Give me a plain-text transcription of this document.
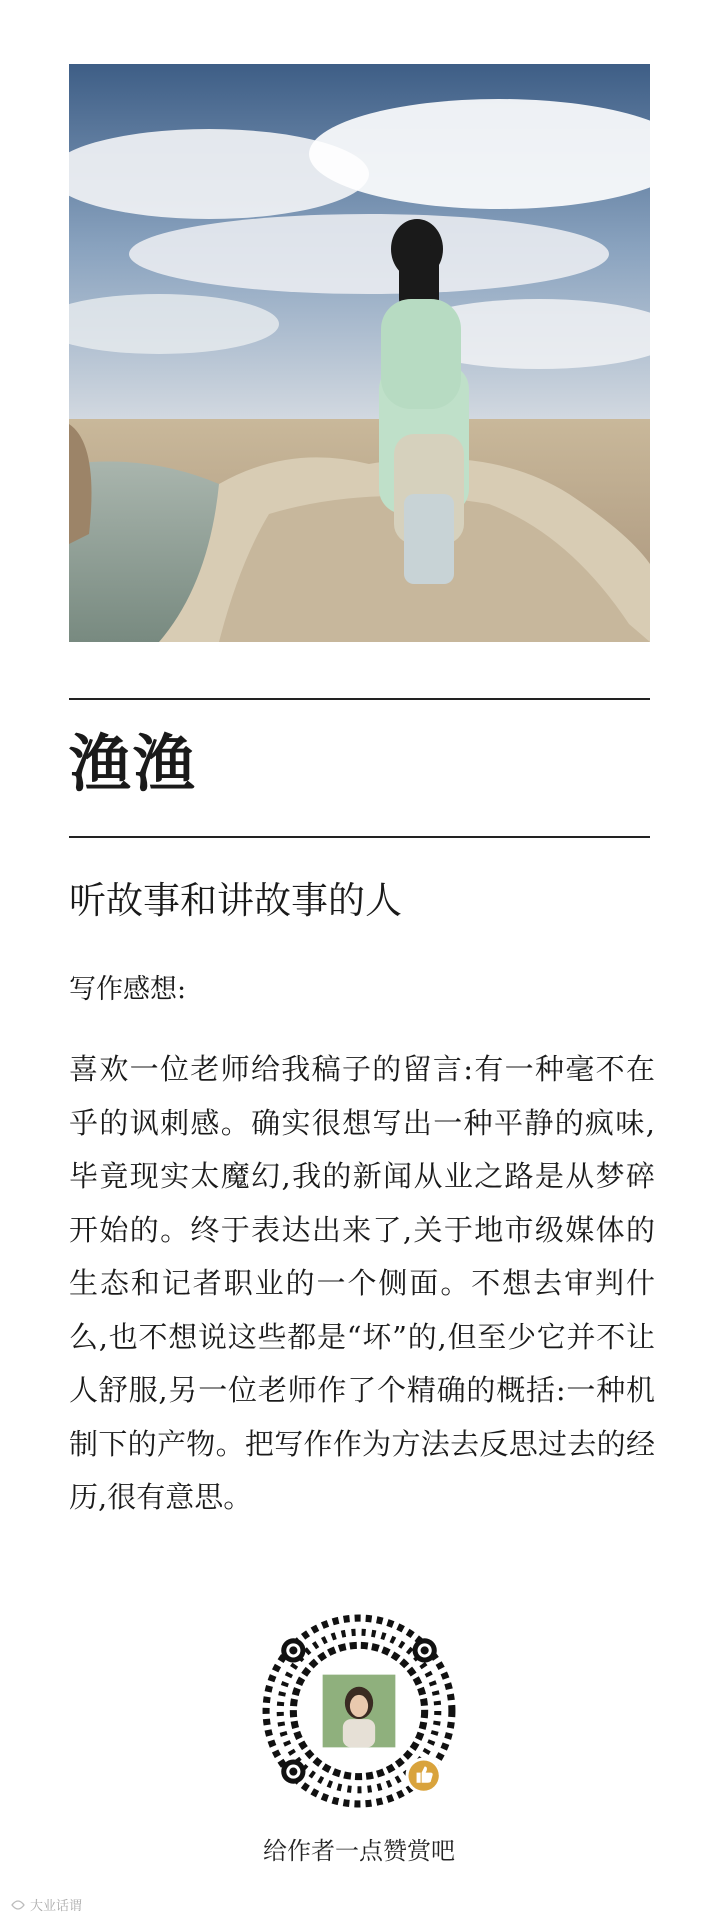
渔渔
听故事和讲故事的人
写作感想:
喜欢一位老师给我稿子的留言:有一种毫不在乎的讽刺感。确实很想写出一种平静的疯味,毕竟现实太魔幻,我的新闻从业之路是从梦碎开始的。终于表达出来了,关于地市级媒体的生态和记者职业的一个侧面。不想去审判什么,也不想说这些都是“坏”的,但至少它并不让人舒服,另一位老师作了个精确的概括:一种机制下的产物。把写作作为方法去反思过去的经历,很有意思。
给作者一点赞赏吧
大业话谓
